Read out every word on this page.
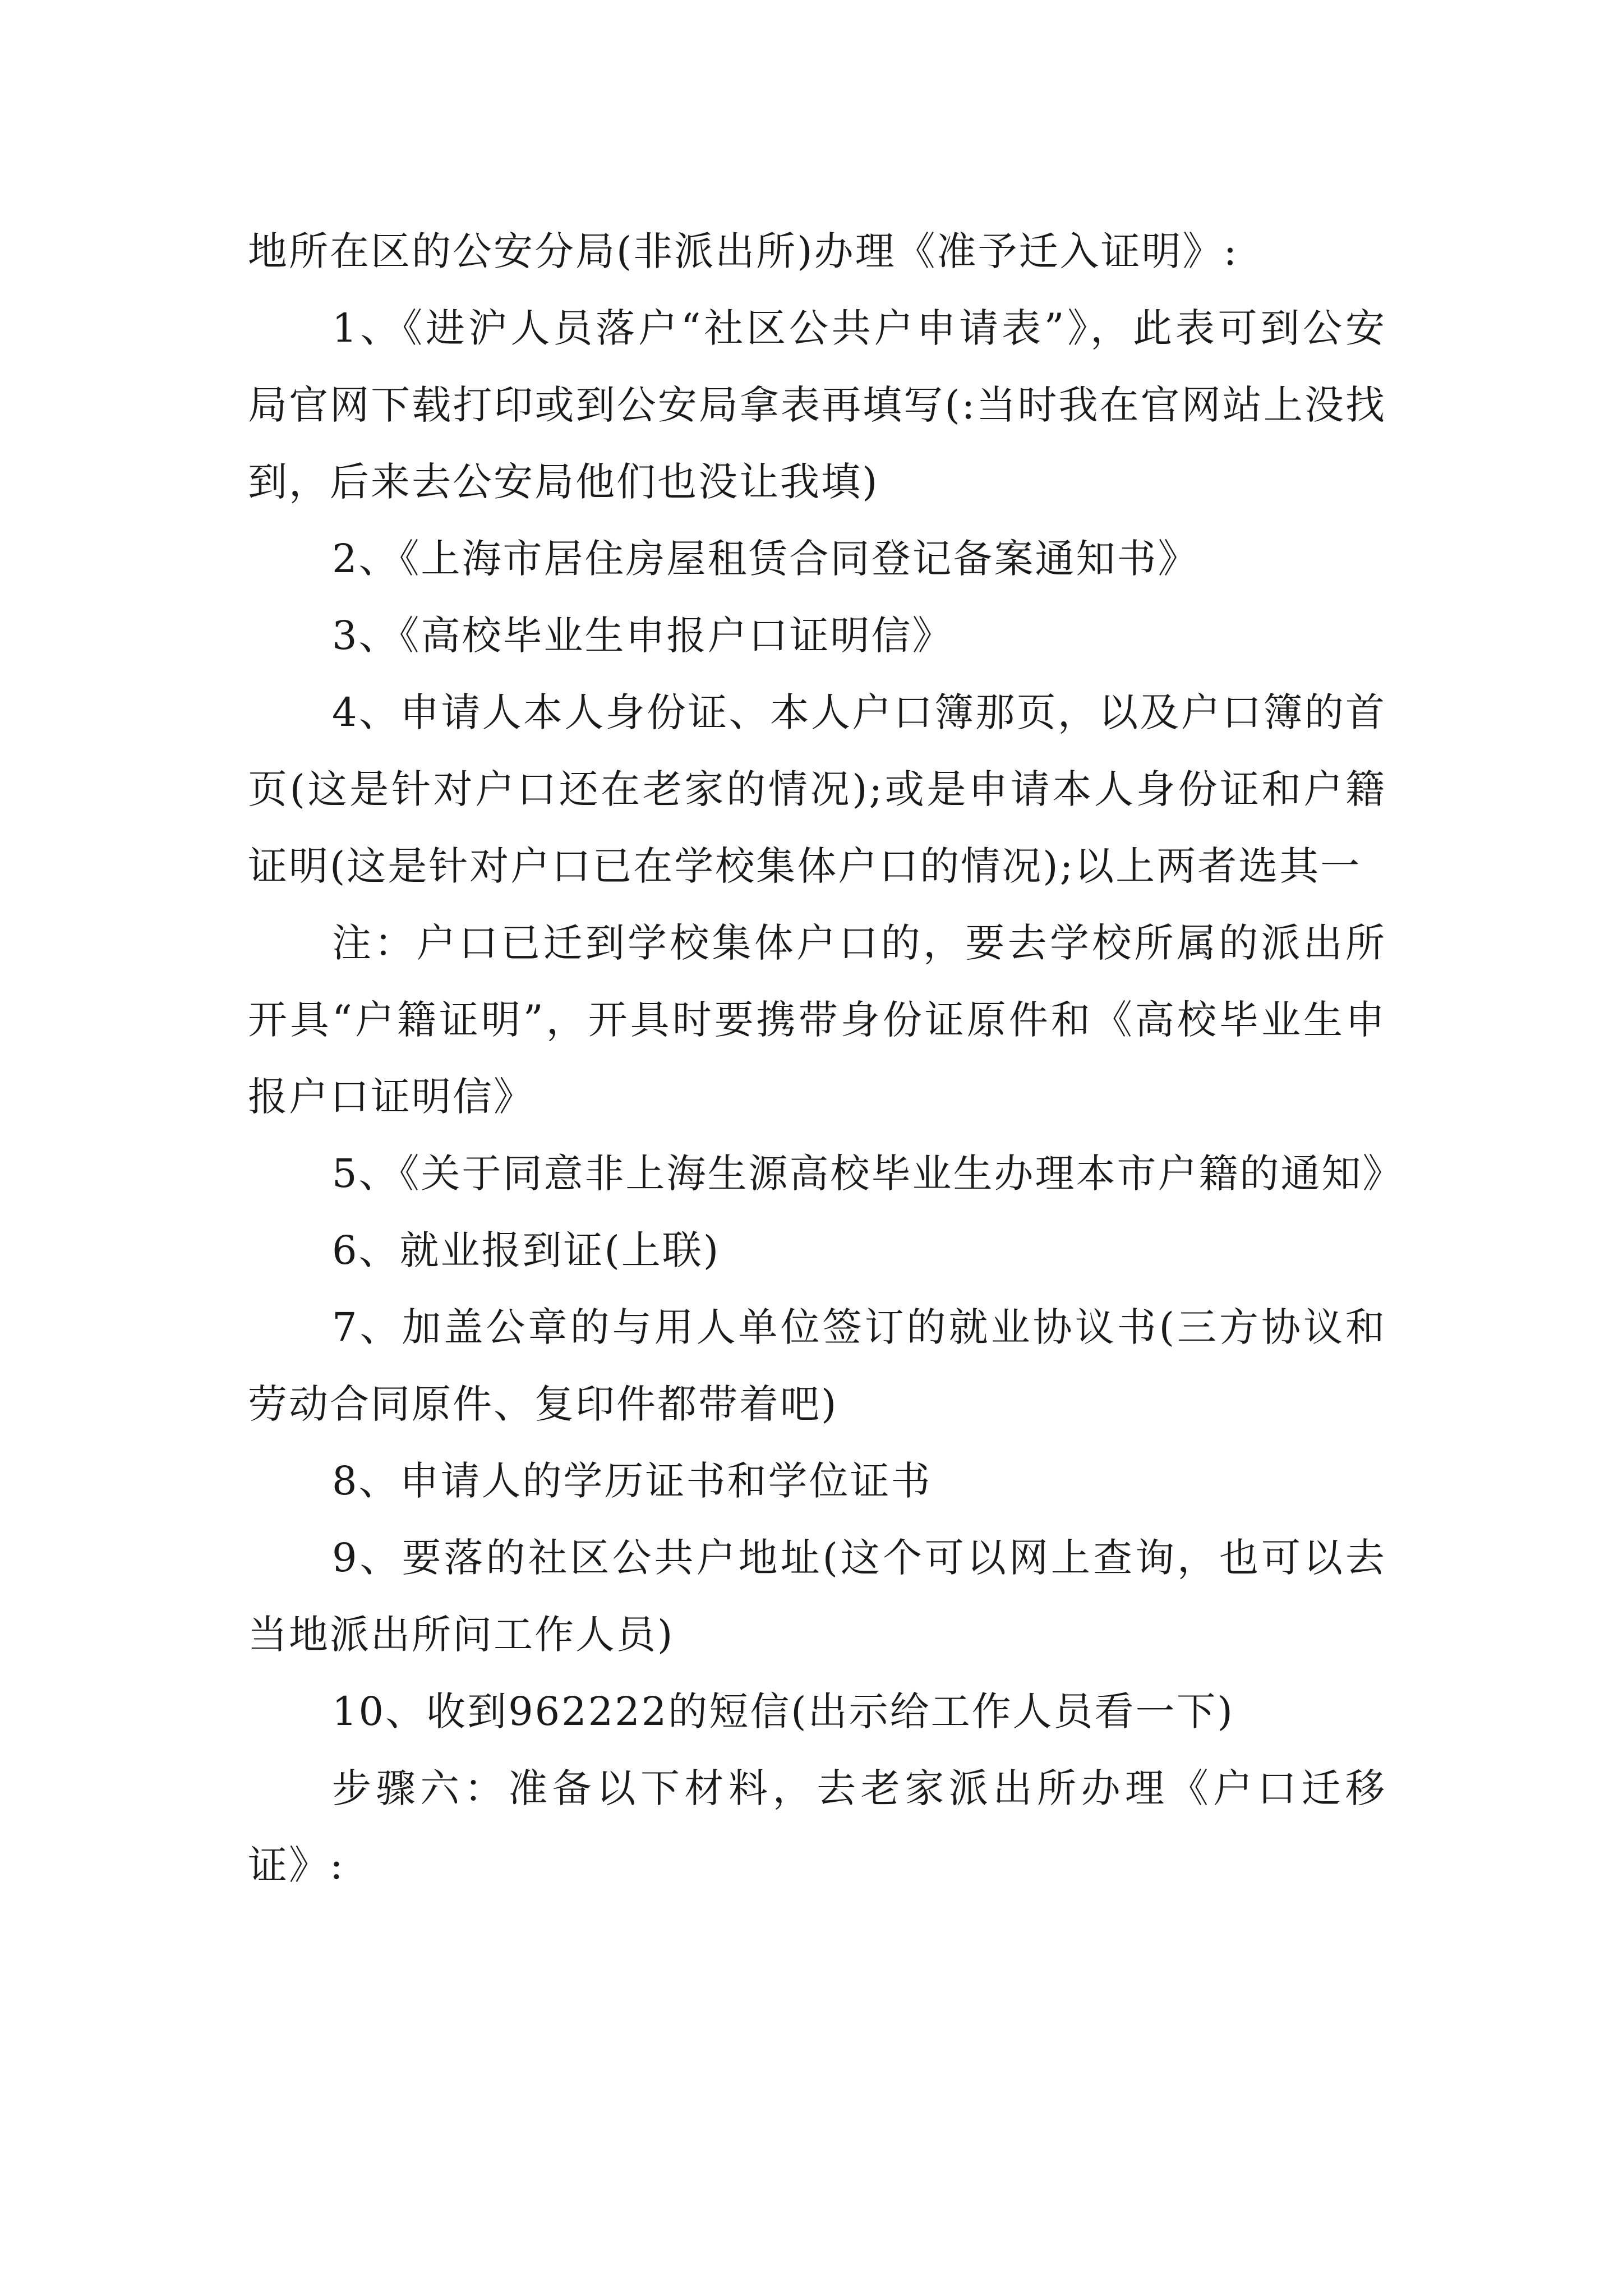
地所在区的公安分局(非派出所)办理《准予迁入证明》:

1、《进沪人员落户“社区公共户申请表”》，此表可到公安局官网下载打印或到公安局拿表再填写(:当时我在官网站上没找到，后来去公安局他们也没让我填)

2、《上海市居住房屋租赁合同登记备案通知书》

3、《高校毕业生申报户口证明信》

4、申请人本人身份证、本人户口簿那页，以及户口簿的首页(这是针对户口还在老家的情况);或是申请本人身份证和户籍证明(这是针对户口已在学校集体户口的情况);以上两者选其一

注：户口已迁到学校集体户口的，要去学校所属的派出所开具“户籍证明”，开具时要携带身份证原件和《高校毕业生申报户口证明信》

5、《关于同意非上海生源高校毕业生办理本市户籍的通知》

6、就业报到证(上联)

7、加盖公章的与用人单位签订的就业协议书(三方协议和劳动合同原件、复印件都带着吧)

8、申请人的学历证书和学位证书

9、要落的社区公共户地址(这个可以网上查询，也可以去当地派出所问工作人员)

10、收到962222的短信(出示给工作人员看一下)

步骤六：准备以下材料，去老家派出所办理《户口迁移证》:
